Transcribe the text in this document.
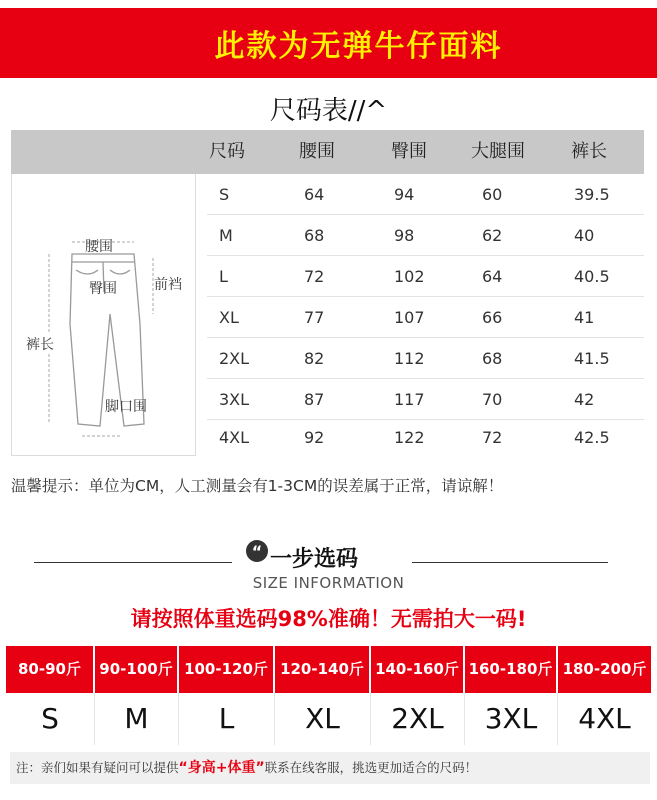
此款为无弹牛仔面料
尺码表//^
尺码	腰围	臀围 大腿围	裤长
腰围
臀围	前裆
裤长
脚口围
S	64	94	60	39.5
M	68	98	62	40
L	72	102	64	40.5
XL	77	107	66	41
2XL	82	112	68	41.5
3XL	87	117	70	42
4XL	92	122	72	42.5
温馨提示：单位为CM，人工测量会有1-3CM的误差属于正常，请谅解！
“ 一步选码
SIZE INFORMATION
请按照体重选码98%准确！无需拍大一码!
80-90斤	90-100斤 100-120斤 120-140斤 140-160斤 160-180斤 180-200斤
S	M	L	XL	2XL	3XL	4XL
注：亲们如果有疑问可以提供“身高+体重”联系在线客服，挑选更加适合的尺码！
